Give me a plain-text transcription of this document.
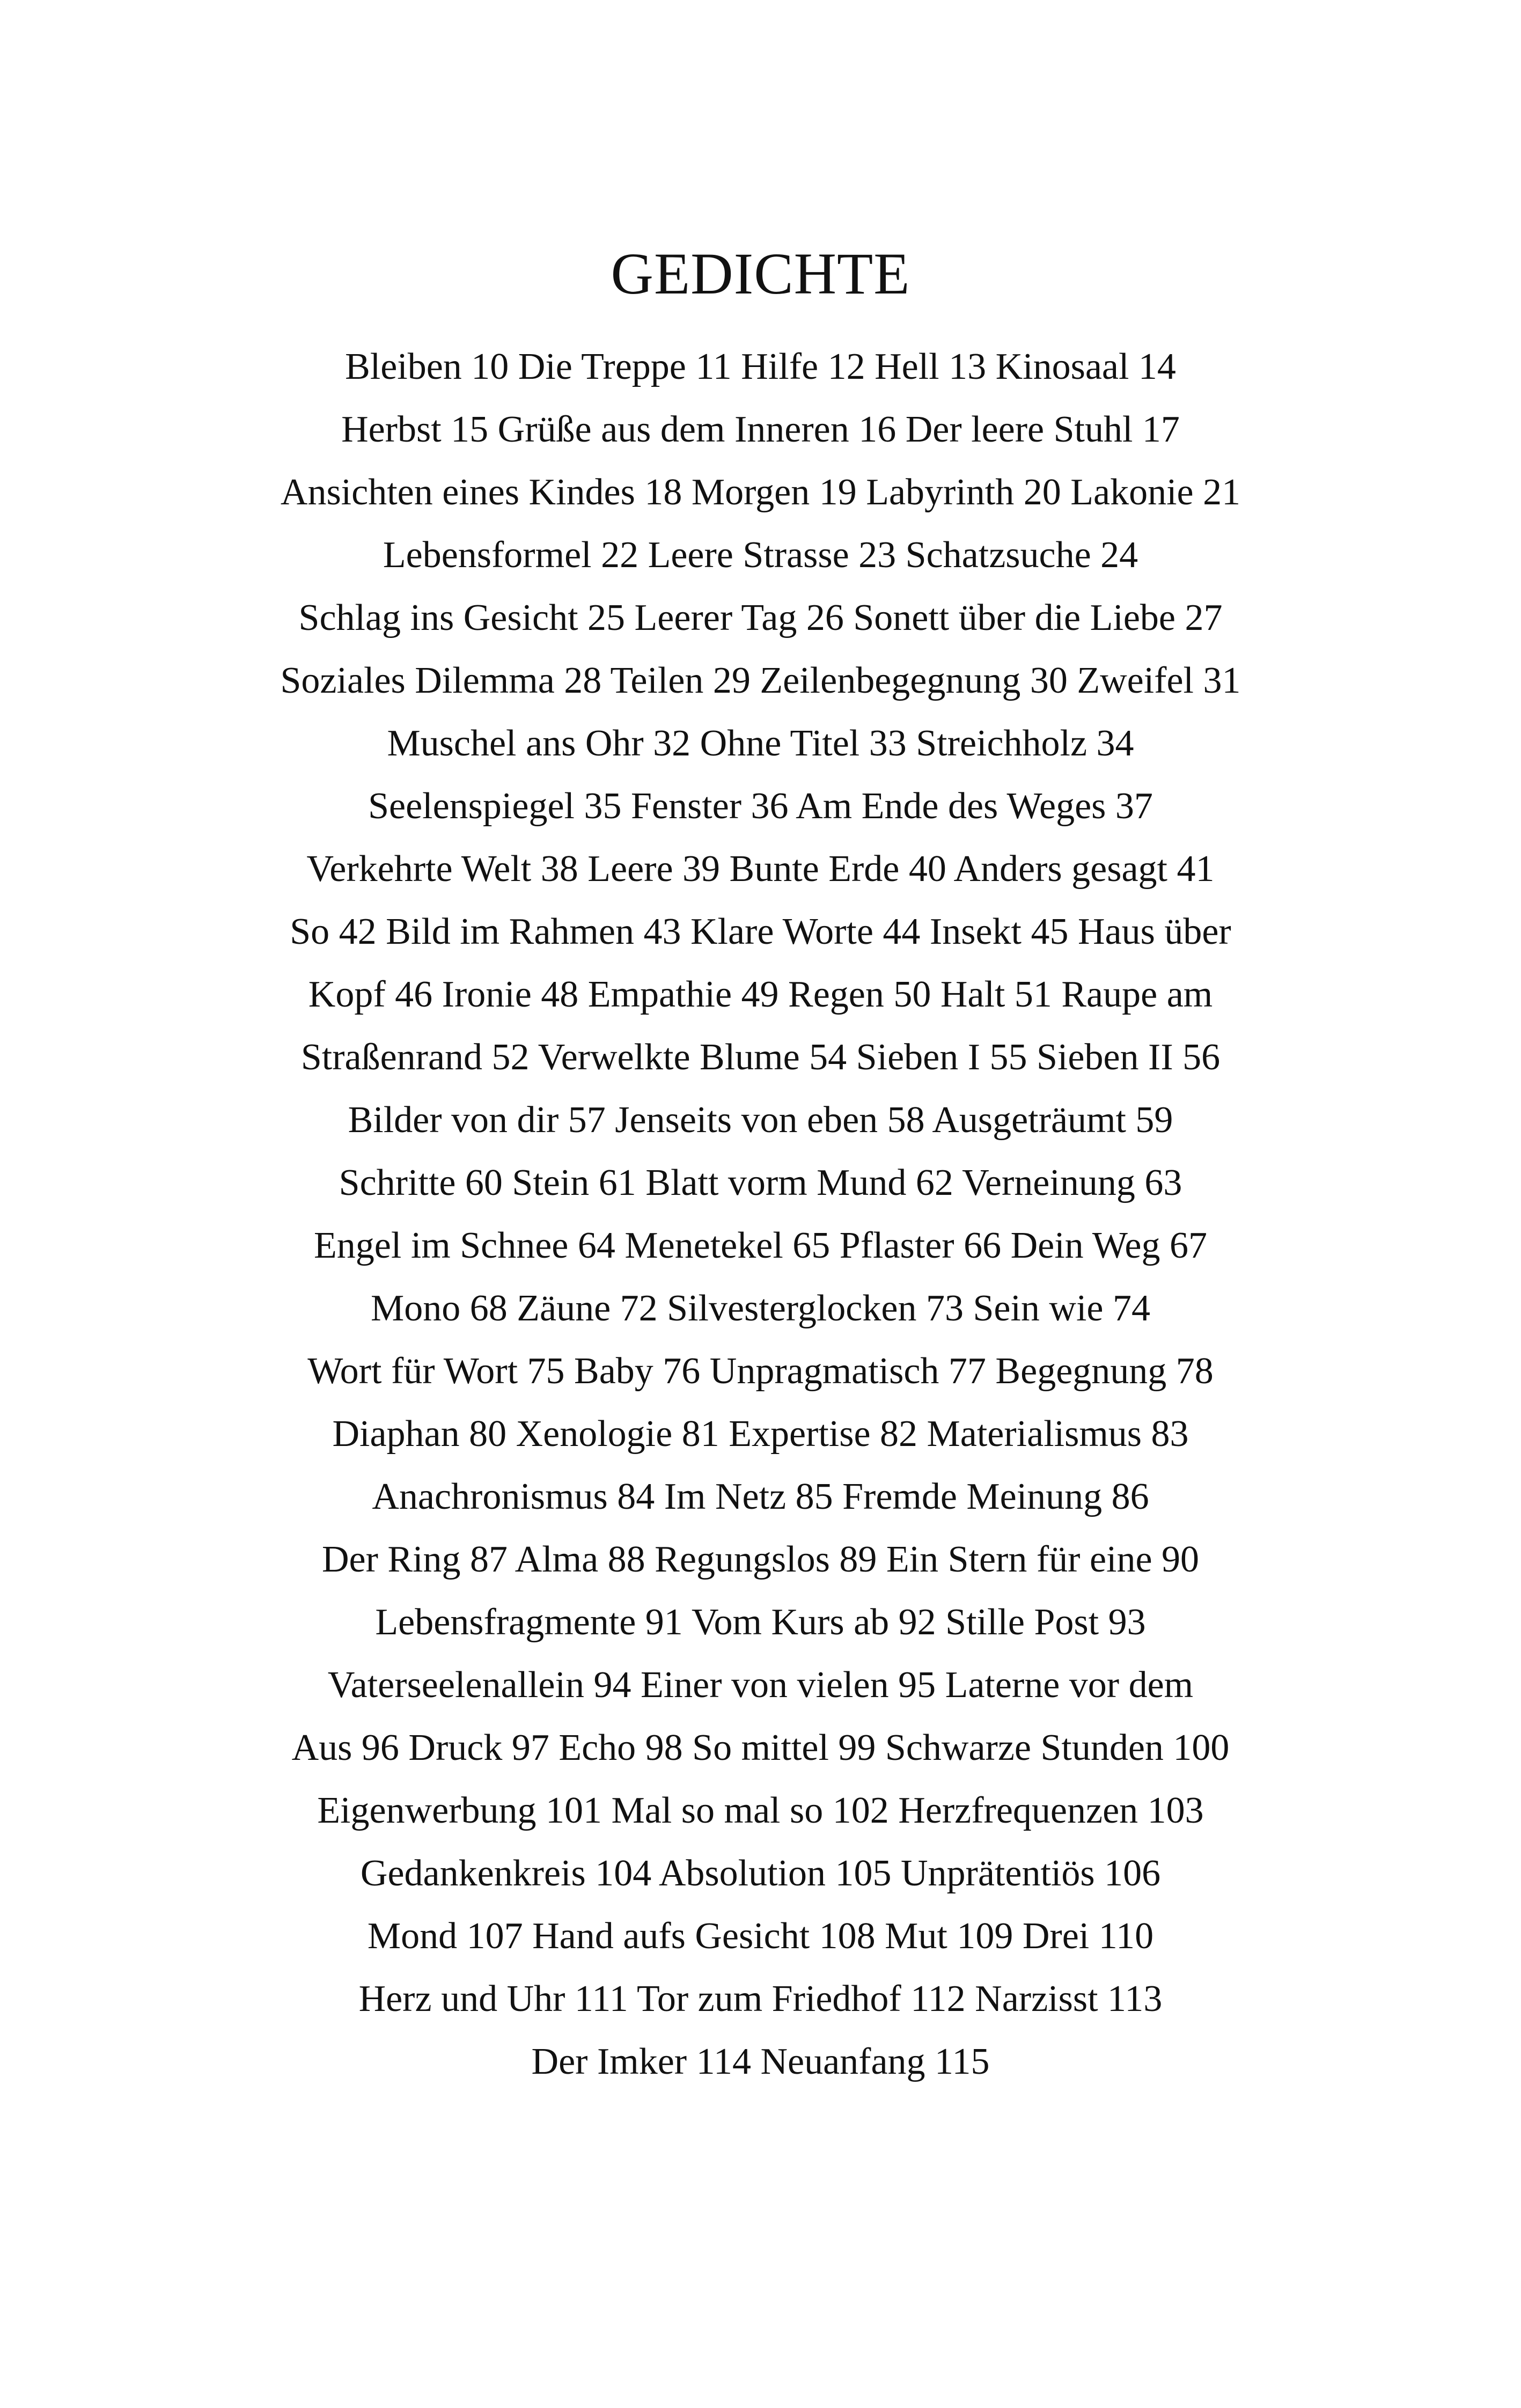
GEDICHTE
Bleiben 10 Die Treppe 11 Hilfe 12 Hell 13 Kinosaal 14
Herbst 15 Grüße aus dem Inneren 16 Der leere Stuhl 17
Ansichten eines Kindes 18 Morgen 19 Labyrinth 20 Lakonie 21
Lebensformel 22 Leere Strasse 23 Schatzsuche 24
Schlag ins Gesicht 25 Leerer Tag 26 Sonett über die Liebe 27
Soziales Dilemma 28 Teilen 29 Zeilenbegegnung 30 Zweifel 31
Muschel ans Ohr 32 Ohne Titel 33 Streichholz 34
Seelenspiegel 35 Fenster 36 Am Ende des Weges 37
Verkehrte Welt 38 Leere 39 Bunte Erde 40 Anders gesagt 41
So 42 Bild im Rahmen 43 Klare Worte 44 Insekt 45 Haus über
Kopf 46 Ironie 48 Empathie 49 Regen 50 Halt 51 Raupe am
Straßenrand 52 Verwelkte Blume 54 Sieben I 55 Sieben II 56
Bilder von dir 57 Jenseits von eben 58 Ausgeträumt 59
Schritte 60 Stein 61 Blatt vorm Mund 62 Verneinung 63
Engel im Schnee 64 Menetekel 65 Pflaster 66 Dein Weg 67
Mono 68 Zäune 72 Silvesterglocken 73 Sein wie 74
Wort für Wort 75 Baby 76 Unpragmatisch 77 Begegnung 78
Diaphan 80 Xenologie 81 Expertise 82 Materialismus 83
Anachronismus 84 Im Netz 85 Fremde Meinung 86
Der Ring 87 Alma 88 Regungslos 89 Ein Stern für eine 90
Lebensfragmente 91 Vom Kurs ab 92 Stille Post 93
Vaterseelenallein 94 Einer von vielen 95 Laterne vor dem
Aus 96 Druck 97 Echo 98 So mittel 99 Schwarze Stunden 100
Eigenwerbung 101 Mal so mal so 102 Herzfrequenzen 103
Gedankenkreis 104 Absolution 105 Unprätentiös 106
Mond 107 Hand aufs Gesicht 108 Mut 109 Drei 110
Herz und Uhr 111 Tor zum Friedhof 112 Narzisst 113
Der Imker 114 Neuanfang 115
